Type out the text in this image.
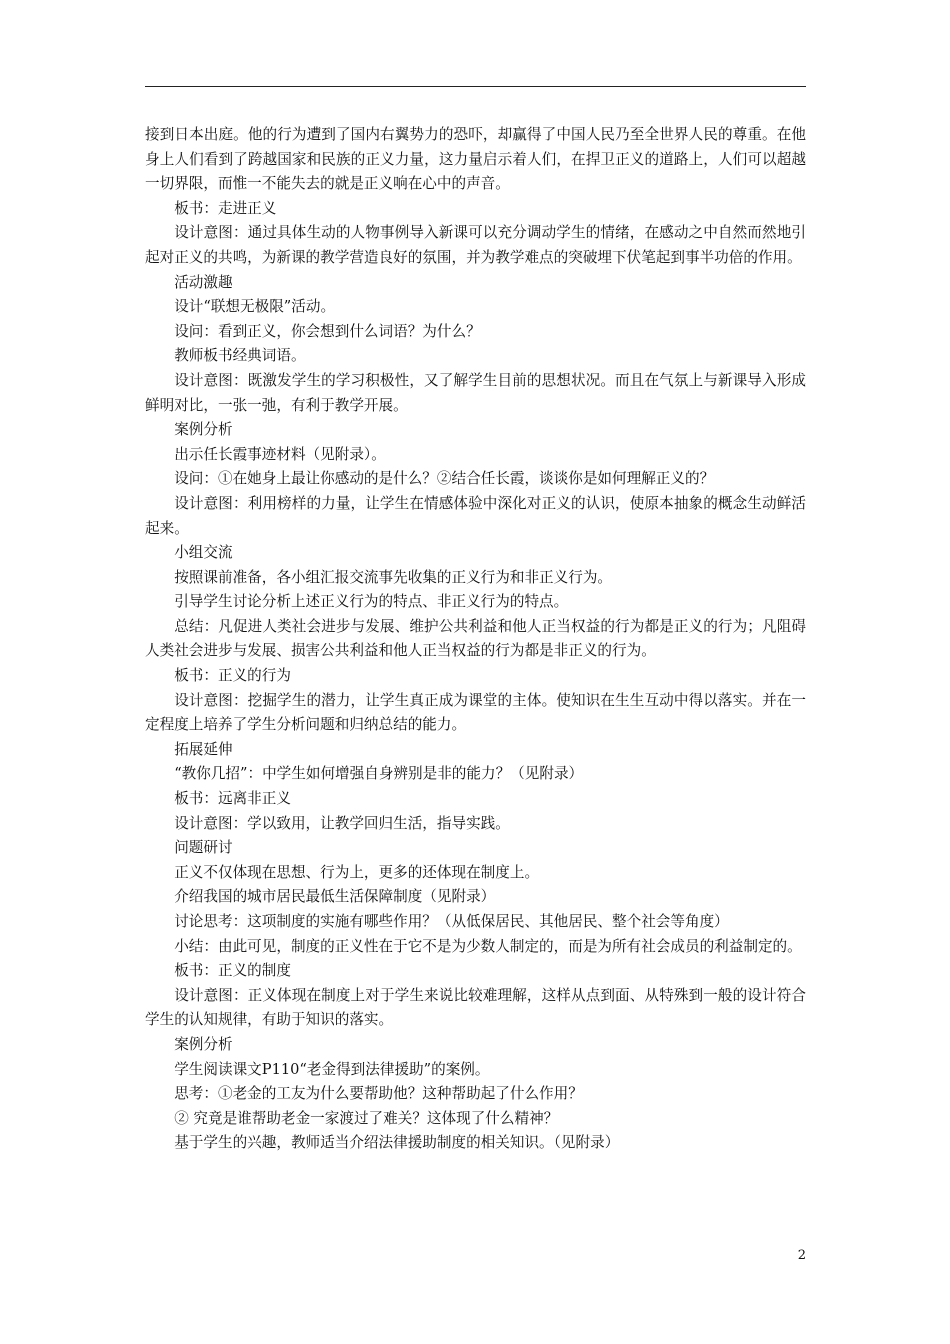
接到日本出庭。他的行为遭到了国内右翼势力的恐吓，却赢得了中国人民乃至全世界人民的尊重。在他身上人们看到了跨越国家和民族的正义力量，这力量启示着人们，在捍卫正义的道路上，人们可以超越一切界限，而惟一不能失去的就是正义响在心中的声音。

板书：走进正义

设计意图：通过具体生动的人物事例导入新课可以充分调动学生的情绪，在感动之中自然而然地引起对正义的共鸣，为新课的教学营造良好的氛围，并为教学难点的突破埋下伏笔起到事半功倍的作用。

活动激趣

设计“联想无极限”活动。

设问：看到正义，你会想到什么词语？为什么？

教师板书经典词语。

设计意图：既激发学生的学习积极性，又了解学生目前的思想状况。而且在气氛上与新课导入形成鲜明对比，一张一弛，有利于教学开展。

案例分析

出示任长霞事迹材料（见附录）。

设问：①在她身上最让你感动的是什么？②结合任长霞，谈谈你是如何理解正义的？

设计意图：利用榜样的力量，让学生在情感体验中深化对正义的认识，使原本抽象的概念生动鲜活起来。

小组交流

按照课前准备，各小组汇报交流事先收集的正义行为和非正义行为。

引导学生讨论分析上述正义行为的特点、非正义行为的特点。

总结：凡促进人类社会进步与发展、维护公共利益和他人正当权益的行为都是正义的行为；凡阻碍人类社会进步与发展、损害公共利益和他人正当权益的行为都是非正义的行为。

板书：正义的行为

设计意图：挖掘学生的潜力，让学生真正成为课堂的主体。使知识在生生互动中得以落实。并在一定程度上培养了学生分析问题和归纳总结的能力。

拓展延伸

“教你几招”：中学生如何增强自身辨别是非的能力？（见附录）

板书：远离非正义

设计意图：学以致用，让教学回归生活，指导实践。

问题研讨

正义不仅体现在思想、行为上，更多的还体现在制度上。

介绍我国的城市居民最低生活保障制度（见附录）

讨论思考：这项制度的实施有哪些作用？（从低保居民、其他居民、整个社会等角度）

小结：由此可见，制度的正义性在于它不是为少数人制定的，而是为所有社会成员的利益制定的。

板书：正义的制度

设计意图：正义体现在制度上对于学生来说比较难理解，这样从点到面、从特殊到一般的设计符合学生的认知规律，有助于知识的落实。

案例分析

学生阅读课文P110“老金得到法律援助”的案例。

思考：①老金的工友为什么要帮助他？这种帮助起了什么作用？

② 究竟是谁帮助老金一家渡过了难关？这体现了什么精神？

基于学生的兴趣，教师适当介绍法律援助制度的相关知识。（见附录）

2
